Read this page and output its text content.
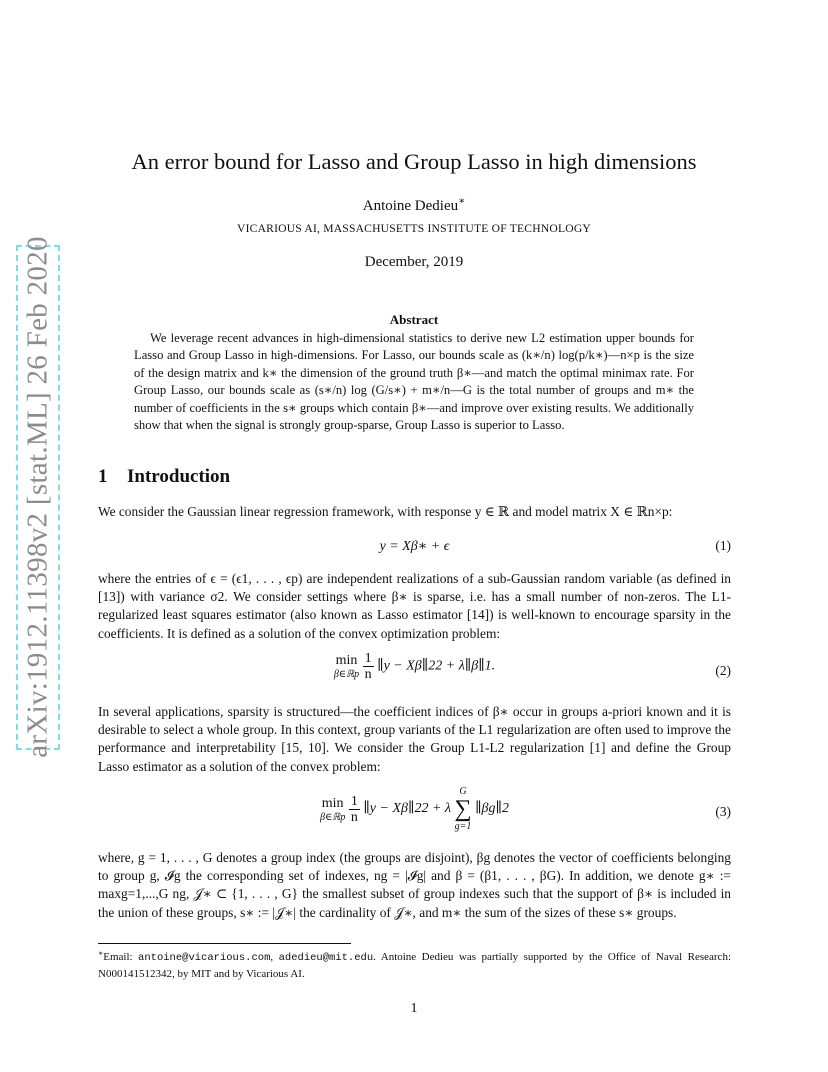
arXiv:1912.11398v2 [stat.ML] 26 Feb 2020
An error bound for Lasso and Group Lasso in high dimensions
Antoine Dedieu∗
VICARIOUS AI, MASSACHUSETTS INSTITUTE OF TECHNOLOGY
December, 2019
Abstract
We leverage recent advances in high-dimensional statistics to derive new L2 estimation upper bounds for Lasso and Group Lasso in high-dimensions. For Lasso, our bounds scale as (k∗/n) log(p/k∗)—n×p is the size of the design matrix and k∗ the dimension of the ground truth β∗—and match the optimal minimax rate. For Group Lasso, our bounds scale as (s∗/n) log (G/s∗) + m∗/n—G is the total number of groups and m∗ the number of coefficients in the s∗ groups which contain β∗—and improve over existing results. We additionally show that when the signal is strongly group-sparse, Group Lasso is superior to Lasso.
1 Introduction
We consider the Gaussian linear regression framework, with response y ∈ ℝ and model matrix X ∈ ℝn×p:
y = Xβ∗ + ϵ	(1)
where the entries of ϵ = (ϵ1, . . . , ϵp) are independent realizations of a sub-Gaussian random variable (as defined in [13]) with variance σ2. We consider settings where β∗ is sparse, i.e. has a small number of non-zeros. The L1-regularized least squares estimator (also known as Lasso estimator [14]) is well-known to encourage sparsity in the coefficients. It is defined as a solution of the convex optimization problem:
min
β∈ℝp
$\frac{1}{n}$ ∥y − Xβ∥22 + λ∥β∥1.	(2)
In several applications, sparsity is structured—the coefficient indices of β∗ occur in groups a-priori known and it is desirable to select a whole group. In this context, group variants of the L1 regularization are often used to improve the performance and interpretability [15, 10]. We consider the Group L1-L2 regularization [1] and define the Group Lasso estimator as a solution of the convex problem:
min
β∈ℝp
$\frac{1}{n}$ ∥y − Xβ∥22 + λ
G
∑
g=1
∥βg∥2	(3)
where, g = 1, . . . , G denotes a group index (the groups are disjoint), βg denotes the vector of coefficients belonging to group g, 𝓘g the corresponding set of indexes, ng = |𝓘g| and β = (β1, . . . , βG). In addition, we denote g∗ := maxg=1,...,G ng, 𝒥∗ ⊂ {1, . . . , G} the smallest subset of group indexes such that the support of β∗ is included in the union of these groups, s∗ := |𝒥∗| the cardinality of 𝒥∗, and m∗ the sum of the sizes of these s∗ groups.
∗Email: antoine@vicarious.com, adedieu@mit.edu. Antoine Dedieu was partially supported by the Office of Naval Research: N000141512342, by MIT and by Vicarious AI.
1
